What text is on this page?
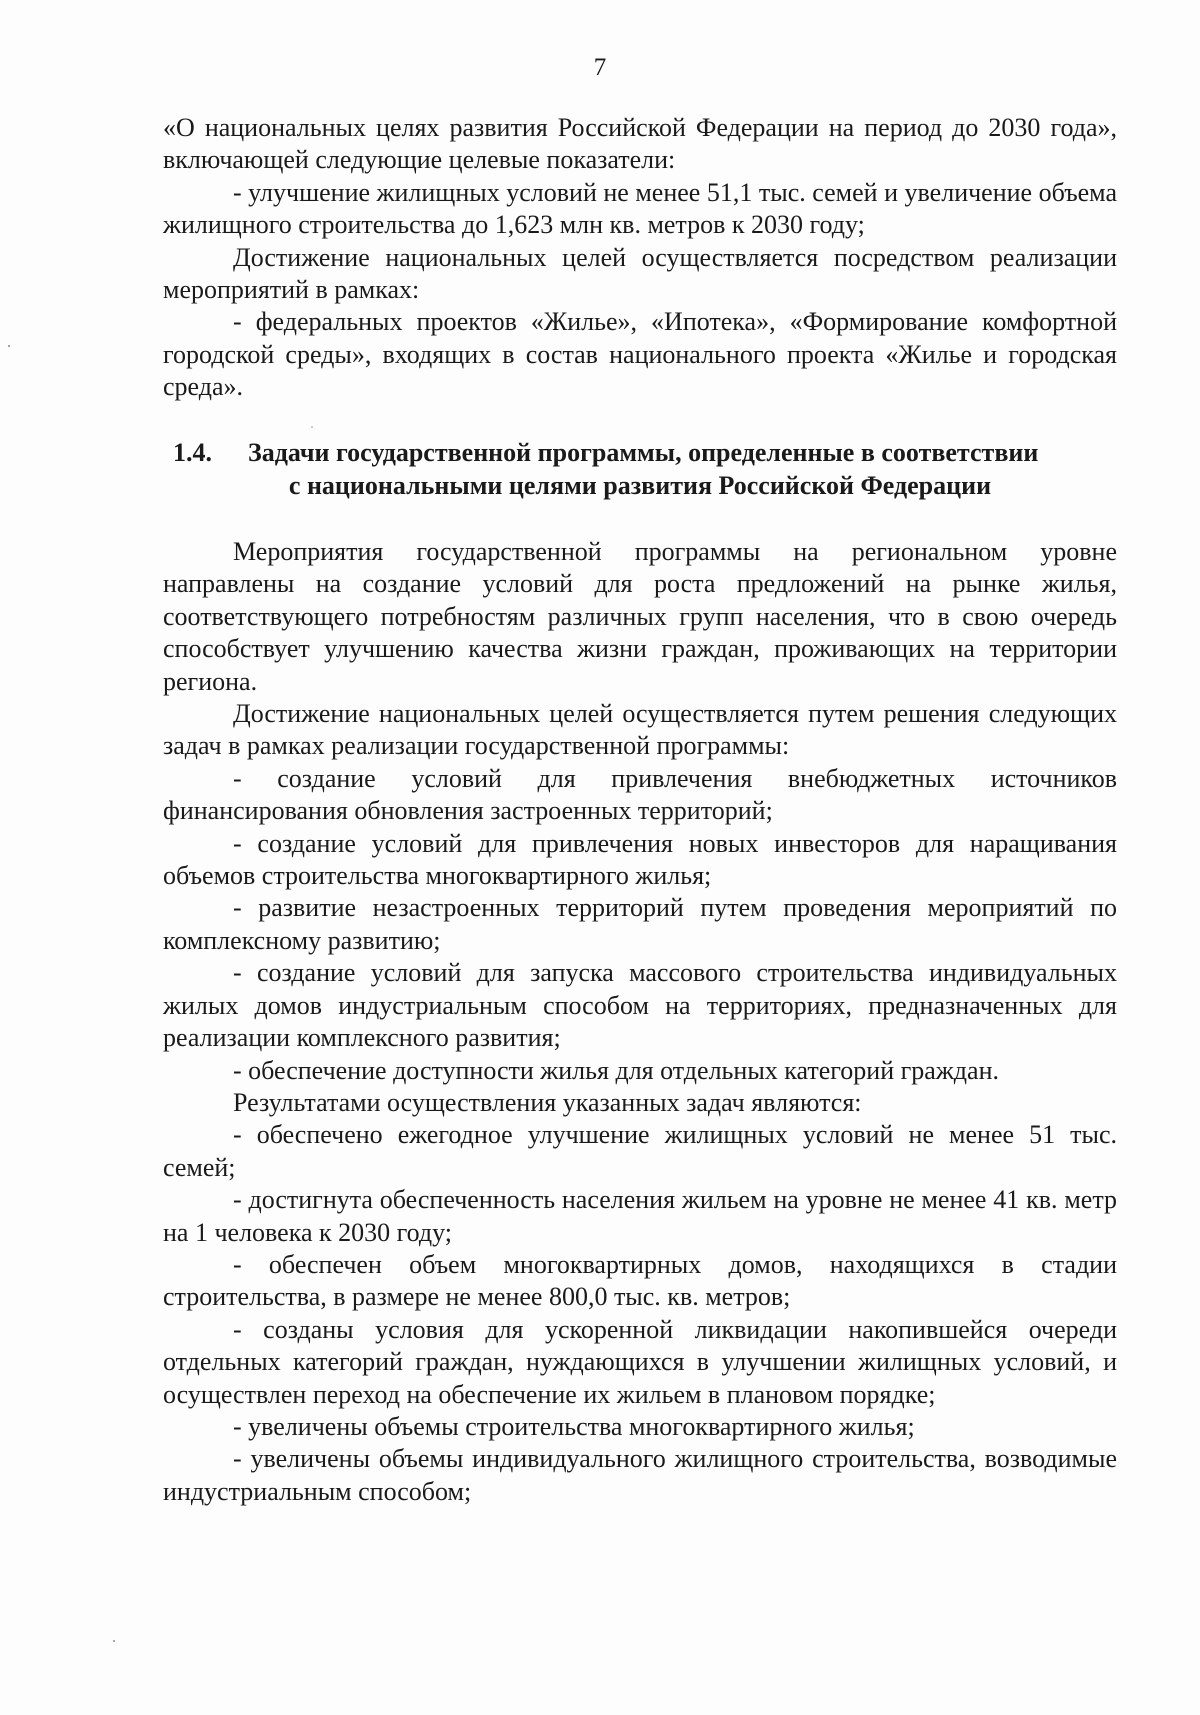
7

«О национальных целях развития Российской Федерации на период до 2030 года», включающей следующие целевые показатели:

- улучшение жилищных условий не менее 51,1 тыс. семей и увеличение объема жилищного строительства до 1,623 млн кв. метров к 2030 году;

Достижение национальных целей осуществляется посредством реализации мероприятий в рамках:

- федеральных проектов «Жилье», «Ипотека», «Формирование комфортной городской среды», входящих в состав национального проекта «Жилье и городская среда».

1.4. Задачи государственной программы, определенные в соответствии
с национальными целями развития Российской Федерации

Мероприятия государственной программы на региональном уровне направлены на создание условий для роста предложений на рынке жилья, соответствующего потребностям различных групп населения, что в свою очередь способствует улучшению качества жизни граждан, проживающих на территории региона.

Достижение национальных целей осуществляется путем решения следующих задач в рамках реализации государственной программы:

- создание условий для привлечения внебюджетных источников финансирования обновления застроенных территорий;

- создание условий для привлечения новых инвесторов для наращивания объемов строительства многоквартирного жилья;

- развитие незастроенных территорий путем проведения мероприятий по комплексному развитию;

- создание условий для запуска массового строительства индивидуальных жилых домов индустриальным способом на территориях, предназначенных для реализации комплексного развития;

- обеспечение доступности жилья для отдельных категорий граждан.

Результатами осуществления указанных задач являются:

- обеспечено ежегодное улучшение жилищных условий не менее 51 тыс. семей;

- достигнута обеспеченность населения жильем на уровне не менее 41 кв. метр на 1 человека к 2030 году;

- обеспечен объем многоквартирных домов, находящихся в стадии строительства, в размере не менее 800,0 тыс. кв. метров;

- созданы условия для ускоренной ликвидации накопившейся очереди отдельных категорий граждан, нуждающихся в улучшении жилищных условий, и осуществлен переход на обеспечение их жильем в плановом порядке;

- увеличены объемы строительства многоквартирного жилья;

- увеличены объемы индивидуального жилищного строительства, возводимые индустриальным способом;
